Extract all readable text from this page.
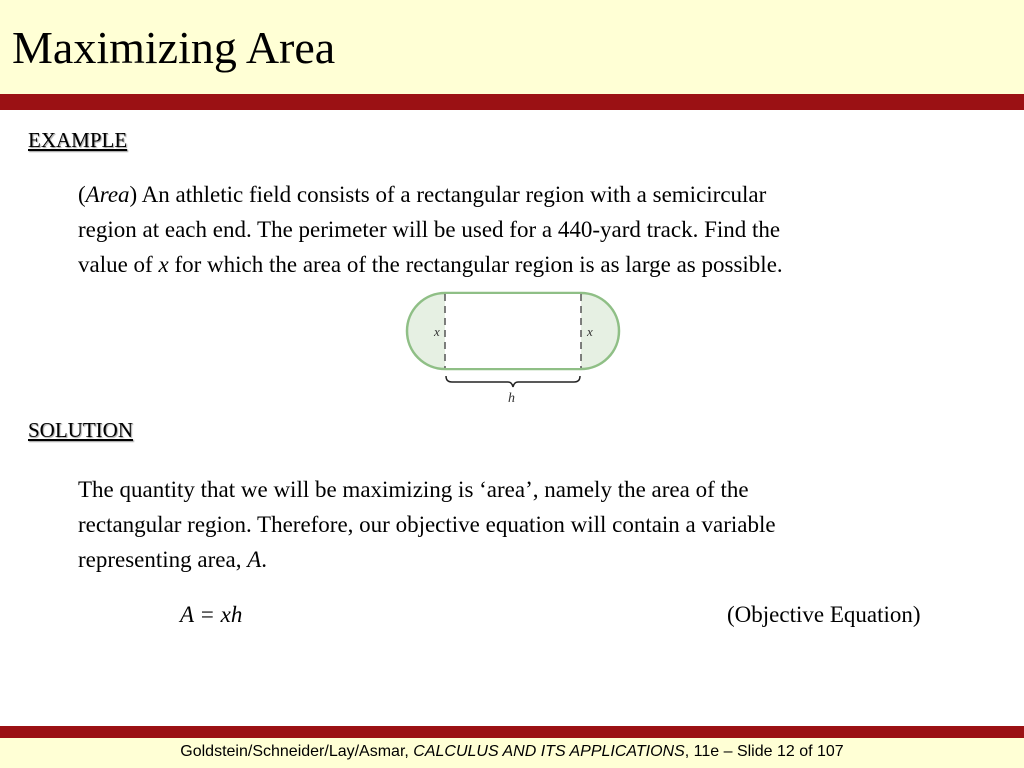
Maximizing Area
EXAMPLE

(Area) An athletic field consists of a rectangular region with a semicircular

region at each end. The perimeter will be used for a 440-yard track. Find the

value of x for which the area of the rectangular region is as large as possible.

x	x
h
SOLUTION

The quantity that we will be maximizing is ‘area’, namely the area of the

rectangular region. Therefore, our objective equation will contain a variable

representing area, A.

A = xh	(Objective Equation)
Goldstein/Schneider/Lay/Asmar, CALCULUS AND ITS APPLICATIONS, 11e – Slide 12 of 107
